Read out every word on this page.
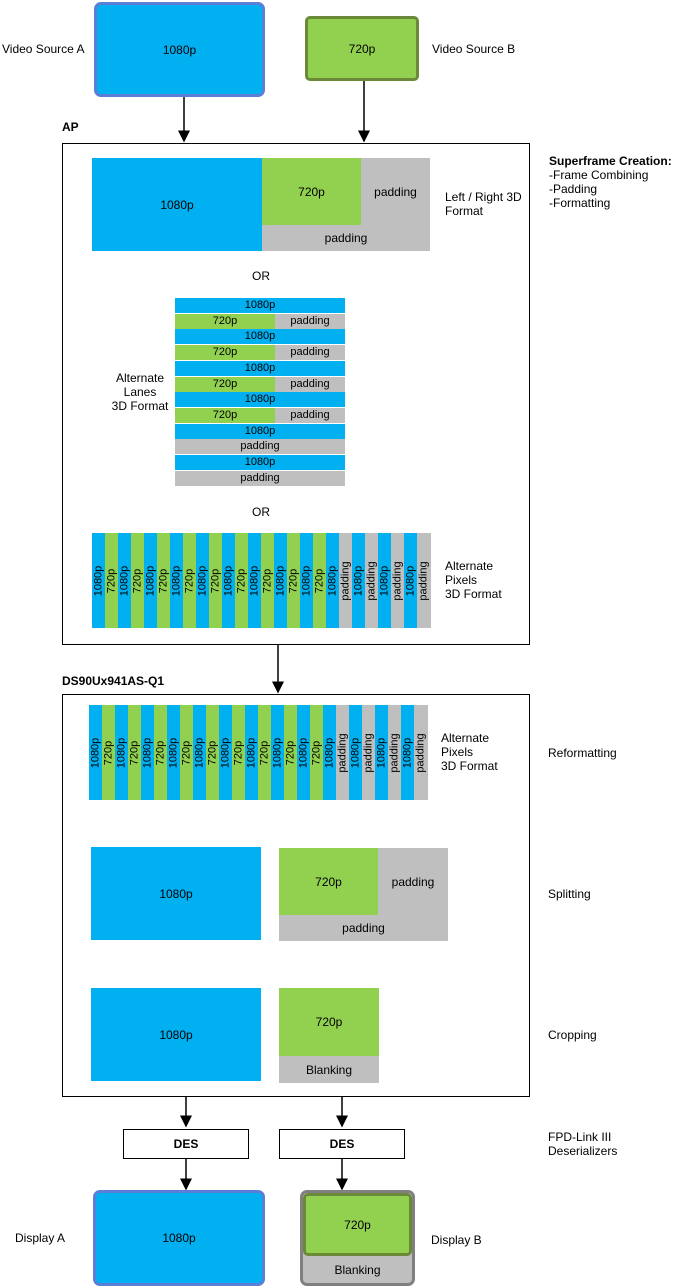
1080p
Video Source A	720p	Video Source B
AP
Superframe Creation:
-Frame Combining
-Padding
-Formatting
1080p
720p	padding
padding
Left / Right 3D
Format
OR
1080p
720p	padding
1080p
720p	padding
1080p
720p	padding
1080p
720p	padding
1080p
padding
1080p
padding
Alternate
Lanes
3D Format
OR
1080p 720p 1080p 720p 1080p 720p 1080p 720p 1080p 720p 1080p 720p 1080p 720p 1080p 720p 1080p 720p 1080p padding 1080p padding 1080p padding 1080p padding Alternate
Pixels
3D Format
DS90Ux941AS-Q1
1080p 720p 1080p 720p 1080p 720p 1080p 720p 1080p 720p 1080p 720p 1080p 720p 1080p 720p 1080p 720p 1080p padding 1080p padding 1080p padding 1080p padding Alternate
Pixels
3D Format
Reformatting
1080p
720p	padding
padding
Splitting
1080p
720p
Blanking
Cropping
DES	DES	FPD-Link III
Deserializers
1080p
Display A
720p
Blanking
Display B
